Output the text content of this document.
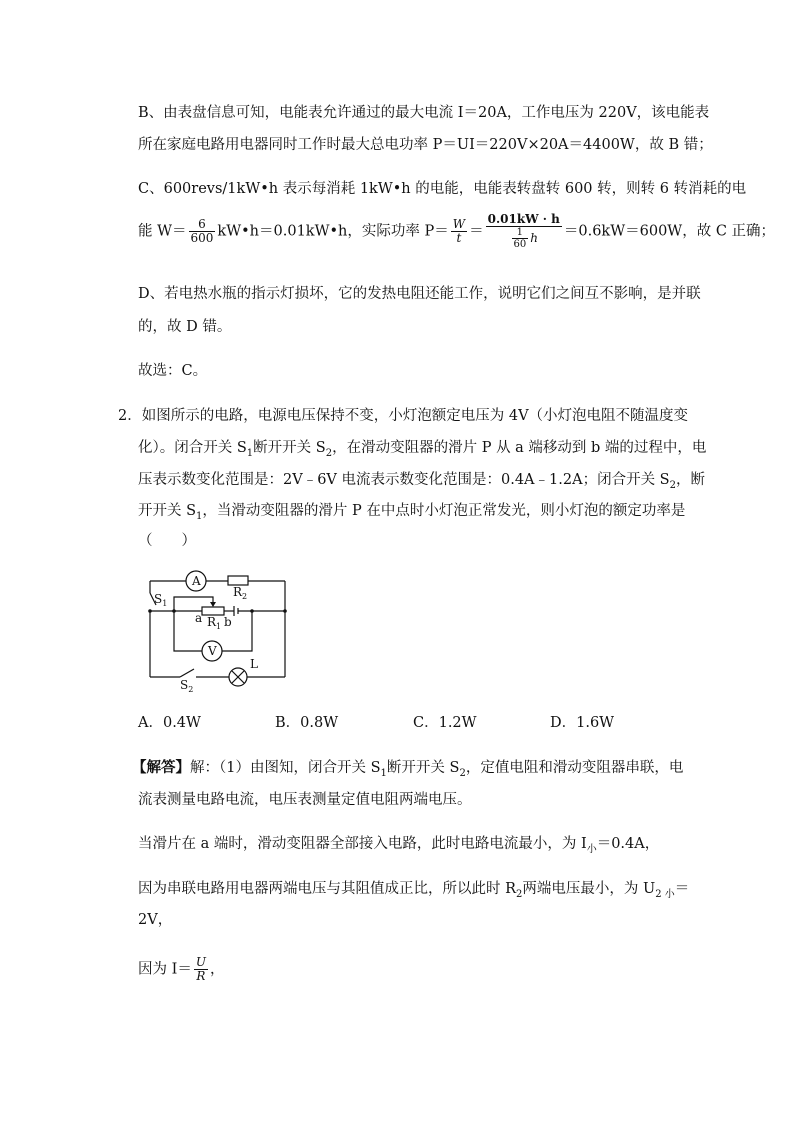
B、由表盘信息可知，电能表允许通过的最大电流 I＝20A，工作电压为 220V，该电能表
所在家庭电路用电器同时工作时最大总电功率 P＝UI＝220V×20A＝4400W，故 B 错；
C、600revs/1kW•h 表示每消耗 1kW•h 的电能，电能表转盘转 600 转，则转 6 转消耗的电
能 $W= \frac{6}{600}$ kW•h＝0.01kW•h，实际功率 $P= \frac{W}{t} = \frac{0.01kW \cdot h}{\frac{1}{60} h} =0.6kW=600W$，故 C 正确；
D、若电热水瓶的指示灯损坏，它的发热电阻还能工作，说明它们之间互不影响，是并联
的，故 D 错。
故选：C。
2．如图所示的电路，电源电压保持不变，小灯泡额定电压为 4V（小灯泡电阻不随温度变
化）。闭合开关 $S_1$断开开关 $S_2$，在滑动变阻器的滑片 P 从 a 端移动到 b 端的过程中，电
压表示数变化范围是：2V﹣6V 电流表示数变化范围是：0.4A﹣1.2A；闭合开关 $S_2$，断
开开关 $S_1$，当滑动变阻器的滑片 P 在中点时小灯泡正常发光，则小灯泡的额定功率是
（　　）
A
V
$R_2$
$R_1$
a b
$S_1$
$S_2$
L
A．0.4W	B．0.8W	C．1.2W	D．1.6W
【解答】解：（1）由图知，闭合开关 $S_1$断开开关 $S_2$，定值电阻和滑动变阻器串联，电
流表测量电路电流，电压表测量定值电阻两端电压。
当滑片在 a 端时，滑动变阻器全部接入电路，此时电路电流最小，为 $I_小=0.4A$，
因为串联电路用电器两端电压与其阻值成正比，所以此时 $R_2$两端电压最小，为 $U_{2 小}=$
2V，
因为 $I= \frac{U}{R}$ ，
